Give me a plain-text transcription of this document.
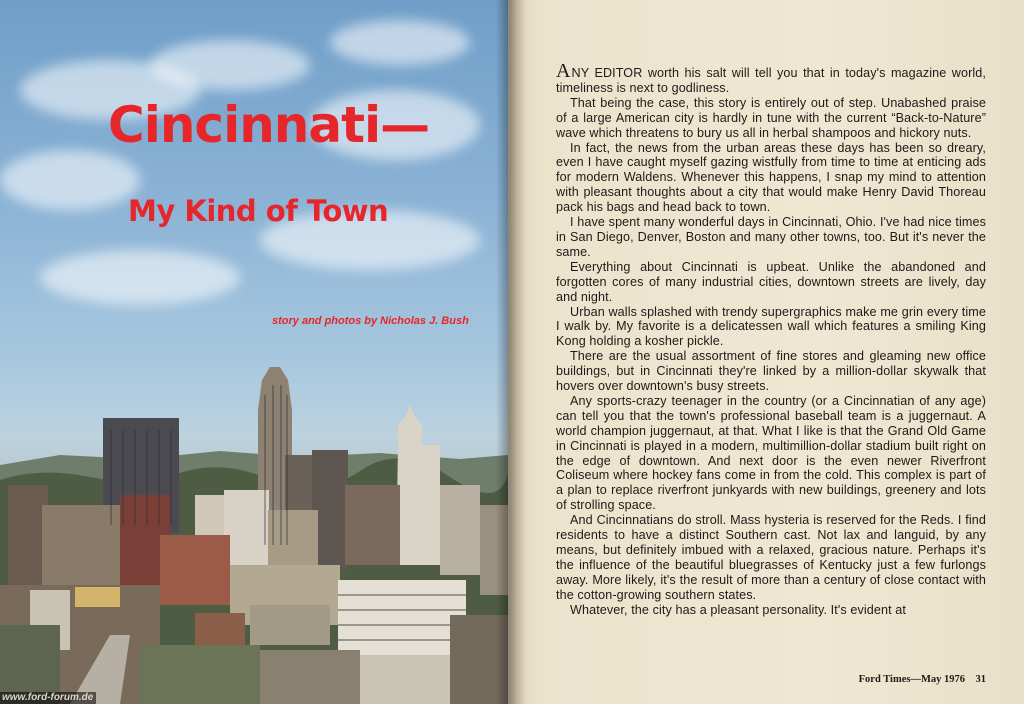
Cincinnati—
My Kind of Town

story and photos by Nicholas J. Bush

www.ford-forum.de

ANY EDITOR worth his salt will tell you that in today's magazine world, timeliness is next to godliness.

That being the case, this story is entirely out of step. Unabashed praise of a large American city is hardly in tune with the current “Back-to-Nature” wave which threatens to bury us all in herbal shampoos and hickory nuts.

In fact, the news from the urban areas these days has been so dreary, even I have caught myself gazing wistfully from time to time at enticing ads for modern Waldens. Whenever this happens, I snap my mind to attention with pleasant thoughts about a city that would make Henry David Thoreau pack his bags and head back to town.

I have spent many wonderful days in Cincinnati, Ohio. I've had nice times in San Diego, Denver, Boston and many other towns, too. But it's never the same.

Everything about Cincinnati is upbeat. Unlike the abandoned and forgotten cores of many industrial cities, downtown streets are lively, day and night.

Urban walls splashed with trendy supergraphics make me grin every time I walk by. My favorite is a delicatessen wall which features a smiling King Kong holding a kosher pickle.

There are the usual assortment of fine stores and gleaming new office buildings, but in Cincinnati they're linked by a million-dollar skywalk that hovers over downtown's busy streets.

Any sports-crazy teenager in the country (or a Cincinnatian of any age) can tell you that the town's professional baseball team is a juggernaut. A world champion juggernaut, at that. What I like is that the Grand Old Game in Cincinnati is played in a modern, multimillion-dollar stadium built right on the edge of downtown. And next door is the even newer Riverfront Coliseum where hockey fans come in from the cold. This complex is part of a plan to replace riverfront junkyards with new buildings, greenery and lots of strolling space.

And Cincinnatians do stroll. Mass hysteria is reserved for the Reds. I find residents to have a distinct Southern cast. Not lax and languid, by any means, but definitely imbued with a relaxed, gracious nature. Perhaps it's the influence of the beautiful bluegrasses of Kentucky just a few furlongs away. More likely, it's the result of more than a century of close contact with the cotton-growing southern states.

Whatever, the city has a pleasant personality. It's evident at

Ford Times—May 1976 31
